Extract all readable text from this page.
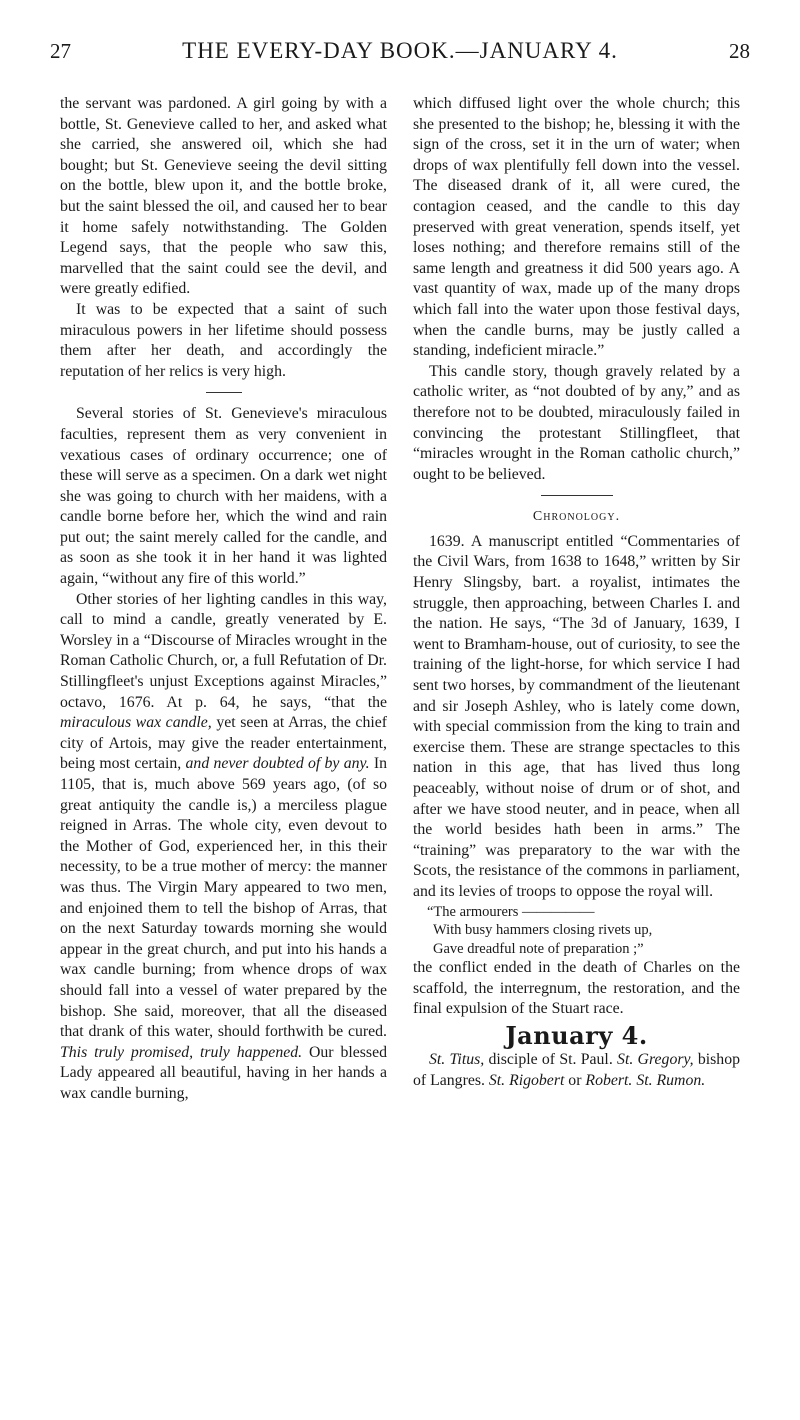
27	THE EVERY-DAY BOOK.—JANUARY 4.	28

the servant was pardoned. A girl going by with a bottle, St. Genevieve called to her, and asked what she carried, she answered oil, which she had bought; but St. Genevieve seeing the devil sitting on the bottle, blew upon it, and the bottle broke, but the saint blessed the oil, and caused her to bear it home safely notwithstanding. The Golden Legend says, that the people who saw this, marvelled that the saint could see the devil, and were greatly edified.

It was to be expected that a saint of such miraculous powers in her lifetime should possess them after her death, and accordingly the reputation of her relics is very high.

Several stories of St. Genevieve's miraculous faculties, represent them as very convenient in vexatious cases of ordinary occurrence; one of these will serve as a specimen. On a dark wet night she was going to church with her maidens, with a candle borne before her, which the wind and rain put out; the saint merely called for the candle, and as soon as she took it in her hand it was lighted again, “without any fire of this world.”

Other stories of her lighting candles in this way, call to mind a candle, greatly venerated by E. Worsley in a “Discourse of Miracles wrought in the Roman Catholic Church, or, a full Refutation of Dr. Stillingfleet's unjust Exceptions against Miracles,” octavo, 1676. At p. 64, he says, “that the miraculous wax candle, yet seen at Arras, the chief city of Artois, may give the reader entertainment, being most certain, and never doubted of by any. In 1105, that is, much above 569 years ago, (of so great antiquity the candle is,) a merciless plague reigned in Arras. The whole city, even devout to the Mother of God, experienced her, in this their necessity, to be a true mother of mercy: the manner was thus. The Virgin Mary appeared to two men, and enjoined them to tell the bishop of Arras, that on the next Saturday towards morning she would appear in the great church, and put into his hands a wax candle burning; from whence drops of wax should fall into a vessel of water prepared by the bishop. She said, moreover, that all the diseased that drank of this water, should forthwith be cured. This truly promised, truly happened. Our blessed Lady appeared all beautiful, having in her hands a wax candle burning,

which diffused light over the whole church; this she presented to the bishop; he, blessing it with the sign of the cross, set it in the urn of water; when drops of wax plentifully fell down into the vessel. The diseased drank of it, all were cured, the contagion ceased, and the candle to this day preserved with great veneration, spends itself, yet loses nothing; and therefore remains still of the same length and greatness it did 500 years ago. A vast quantity of wax, made up of the many drops which fall into the water upon those festival days, when the candle burns, may be justly called a standing, indeficient miracle.”

This candle story, though gravely related by a catholic writer, as “not doubted of by any,” and as therefore not to be doubted, miraculously failed in convincing the protestant Stillingfleet, that “miracles wrought in the Roman catholic church,” ought to be believed.

Chronology.

1639. A manuscript entitled “Commentaries of the Civil Wars, from 1638 to 1648,” written by Sir Henry Slingsby, bart. a royalist, intimates the struggle, then approaching, between Charles I. and the nation. He says, “The 3d of January, 1639, I went to Bramham-house, out of curiosity, to see the training of the light-horse, for which service I had sent two horses, by commandment of the lieutenant and sir Joseph Ashley, who is lately come down, with special commission from the king to train and exercise them. These are strange spectacles to this nation in this age, that has lived thus long peaceably, without noise of drum or of shot, and after we have stood neuter, and in peace, when all the world besides hath been in arms.” The “training” was preparatory to the war with the Scots, the resistance of the commons in parliament, and its levies of troops to oppose the royal will.

“The armourers —————
With busy hammers closing rivets up,
Gave dreadful note of preparation ;”

the conflict ended in the death of Charles on the scaffold, the interregnum, the restoration, and the final expulsion of the Stuart race.

January 4.

St. Titus, disciple of St. Paul. St. Gregory, bishop of Langres. St. Rigobert or Robert. St. Rumon.
